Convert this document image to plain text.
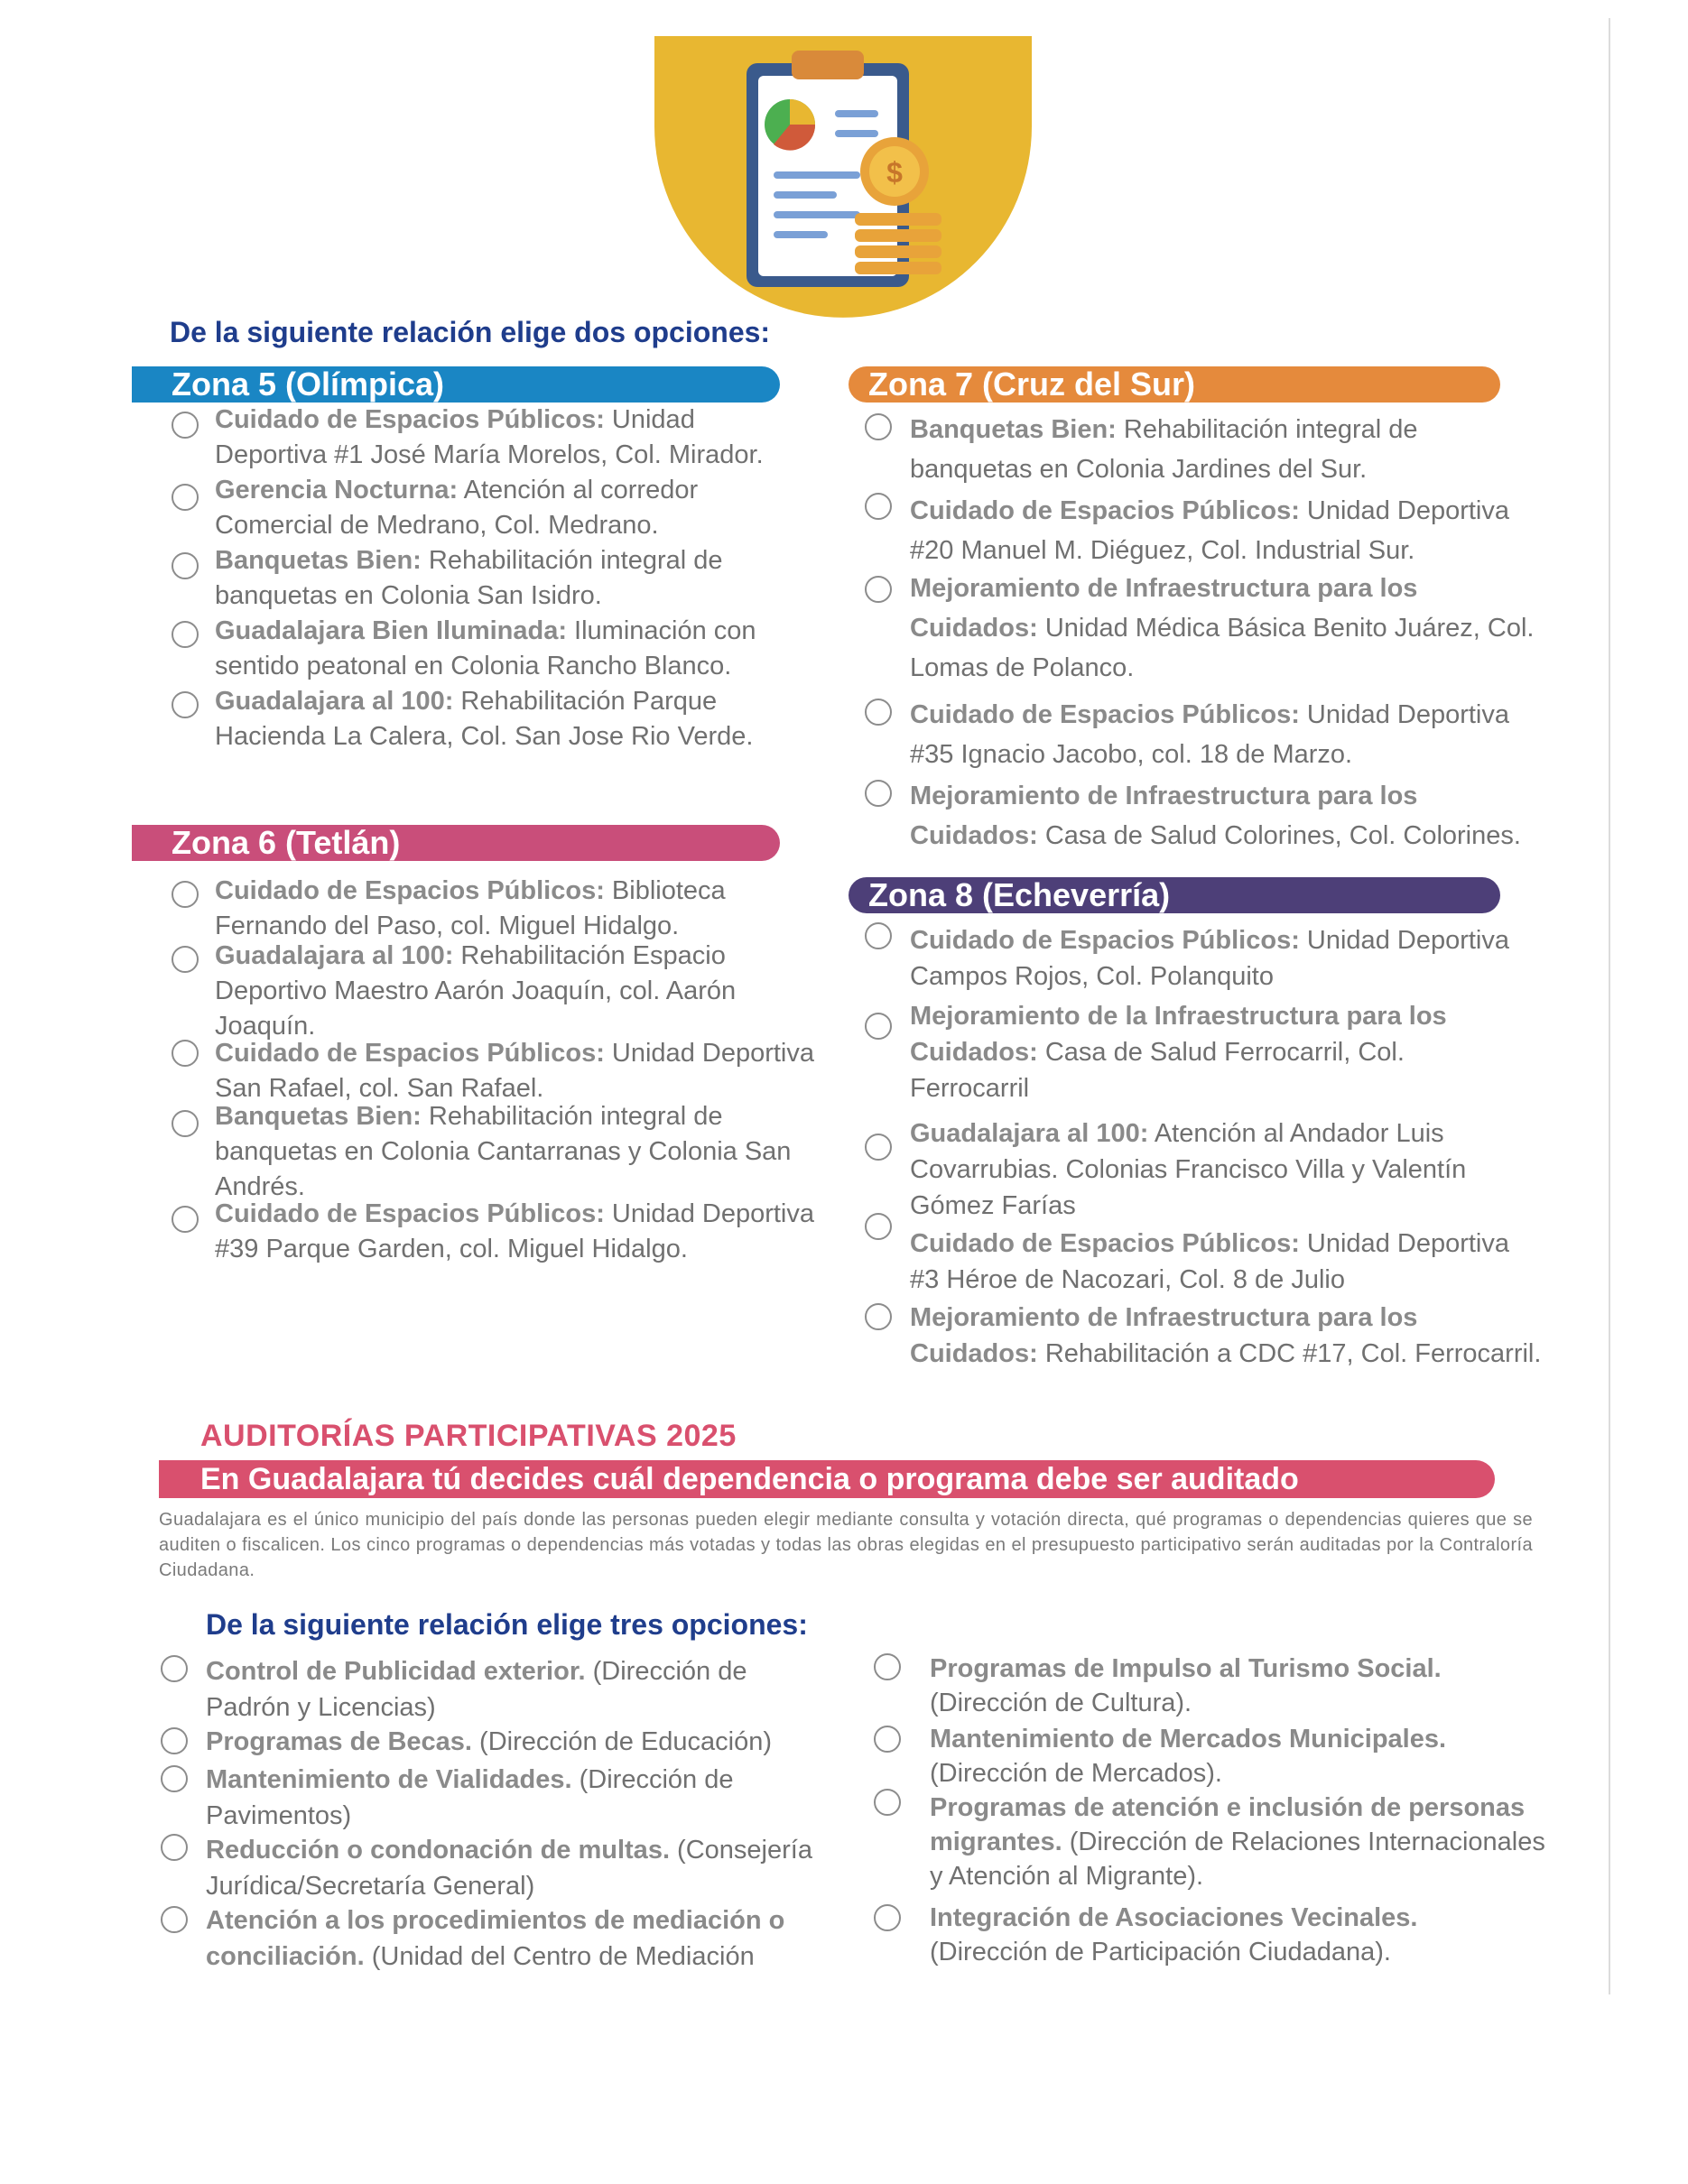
$
De la siguiente relación elige dos opciones:
Zona 5 (Olímpica)
Cuidado de Espacios Públicos: Unidad
Deportiva #1 José María Morelos, Col. Mirador.
Gerencia Nocturna: Atención al corredor
Comercial de Medrano, Col. Medrano.
Banquetas Bien: Rehabilitación integral de
banquetas en Colonia San Isidro.
Guadalajara Bien Iluminada: Iluminación con
sentido peatonal en Colonia Rancho Blanco.
Guadalajara al 100: Rehabilitación Parque
Hacienda La Calera, Col. San Jose Rio Verde.
Zona 6 (Tetlán)
Cuidado de Espacios Públicos: Biblioteca
Fernando del Paso, col. Miguel Hidalgo.
Guadalajara al 100: Rehabilitación Espacio
Deportivo Maestro Aarón Joaquín, col. Aarón
Joaquín.
Cuidado de Espacios Públicos: Unidad Deportiva
San Rafael, col. San Rafael.
Banquetas Bien: Rehabilitación integral de
banquetas en Colonia Cantarranas y Colonia San
Andrés.
Cuidado de Espacios Públicos: Unidad Deportiva
#39 Parque Garden, col. Miguel Hidalgo.
Zona 7 (Cruz del Sur)
Banquetas Bien: Rehabilitación integral de
banquetas en Colonia Jardines del Sur.
Cuidado de Espacios Públicos: Unidad Deportiva
#20 Manuel M. Diéguez, Col. Industrial Sur.
Mejoramiento de Infraestructura para los
Cuidados: Unidad Médica Básica Benito Juárez, Col.
Lomas de Polanco.
Cuidado de Espacios Públicos: Unidad Deportiva
#35 Ignacio Jacobo, col. 18 de Marzo.
Mejoramiento de Infraestructura para los
Cuidados: Casa de Salud Colorines, Col. Colorines.
Zona 8 (Echeverría)
Cuidado de Espacios Públicos: Unidad Deportiva
Campos Rojos, Col. Polanquito
Mejoramiento de la Infraestructura para los
Cuidados: Casa de Salud Ferrocarril, Col.
Ferrocarril
Guadalajara al 100: Atención al Andador Luis
Covarrubias. Colonias Francisco Villa y Valentín
Gómez Farías
Cuidado de Espacios Públicos: Unidad Deportiva
#3 Héroe de Nacozari, Col. 8 de Julio
Mejoramiento de Infraestructura para los
Cuidados: Rehabilitación a CDC #17, Col. Ferrocarril.
AUDITORÍAS PARTICIPATIVAS 2025
En Guadalajara tú decides cuál dependencia o programa debe ser auditado
Guadalajara es el único municipio del país donde las personas pueden elegir mediante consulta y votación directa, qué programas o dependencias quieres que se auditen o fiscalicen. Los cinco programas o dependencias más votadas y todas las obras elegidas en el presupuesto participativo serán auditadas por la Contraloría Ciudadana.
De la siguiente relación elige tres opciones:
Control de Publicidad exterior. (Dirección de
Padrón y Licencias)
Programas de Becas. (Dirección de Educación)
Mantenimiento de Vialidades. (Dirección de
Pavimentos)
Reducción o condonación de multas. (Consejería
Jurídica/Secretaría General)
Atención a los procedimientos de mediación o
conciliación. (Unidad del Centro de Mediación
Programas de Impulso al Turismo Social.
(Dirección de Cultura).
Mantenimiento de Mercados Municipales.
(Dirección de Mercados).
Programas de atención e inclusión de personas
migrantes. (Dirección de Relaciones Internacionales
y Atención al Migrante).
Integración de Asociaciones Vecinales.
(Dirección de Participación Ciudadana).
